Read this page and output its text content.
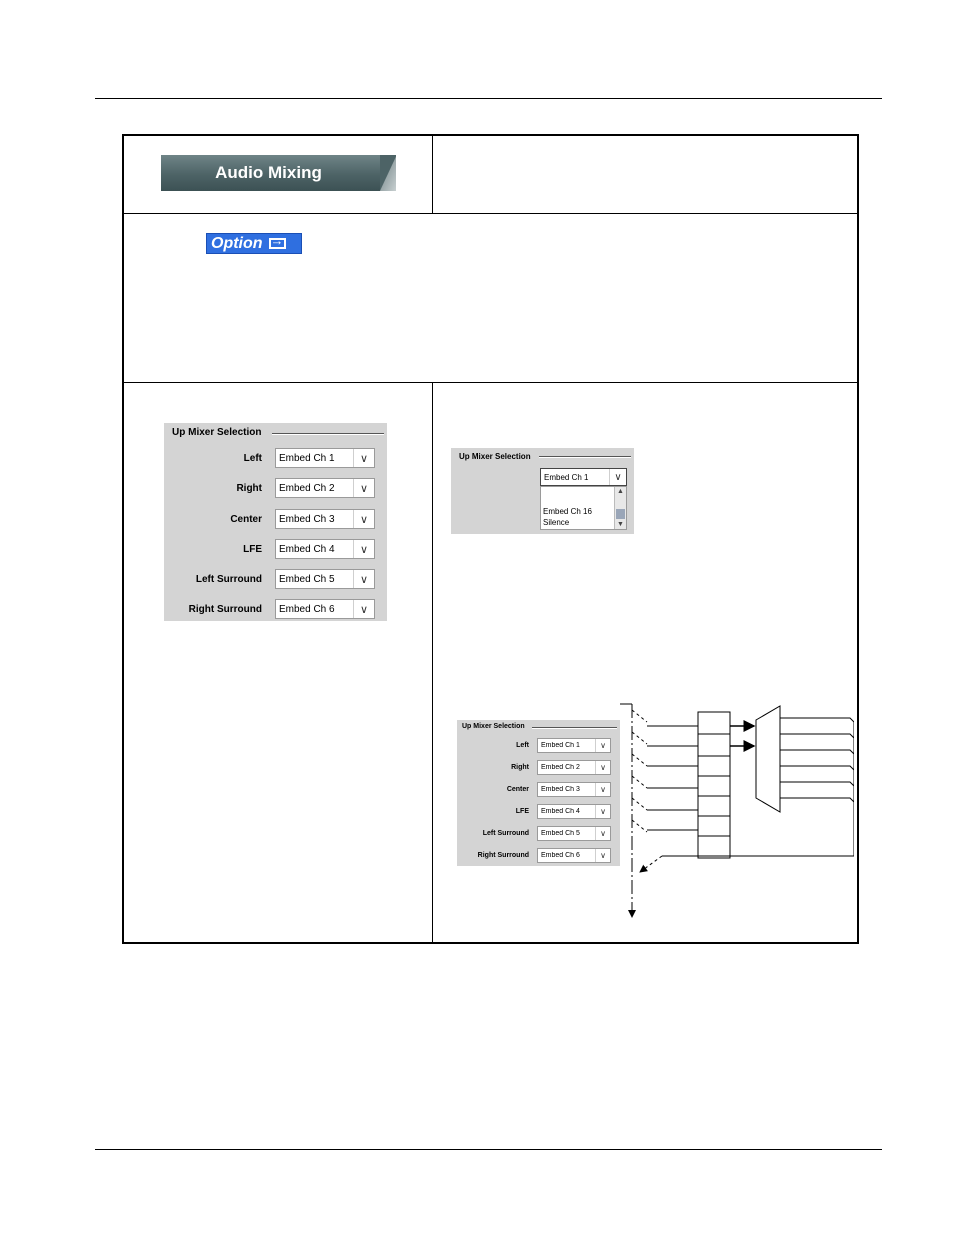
Audio Mixing
Option
→
Up Mixer Selection
Left	Embed Ch 1	∨
Right	Embed Ch 2	∨
Center	Embed Ch 3	∨
LFE	Embed Ch 4	∨
Left Surround	Embed Ch 5	∨
Right Surround	Embed Ch 6	∨
Up Mixer Selection
Embed Ch 1	∨
Embed Ch 16
Silence
▲
▼
Up Mixer Selection
Left	Embed Ch 1	∨
Right	Embed Ch 2	∨
Center	Embed Ch 3	∨
LFE	Embed Ch 4	∨
Left Surround	Embed Ch 5	∨
Right Surround	Embed Ch 6	∨
